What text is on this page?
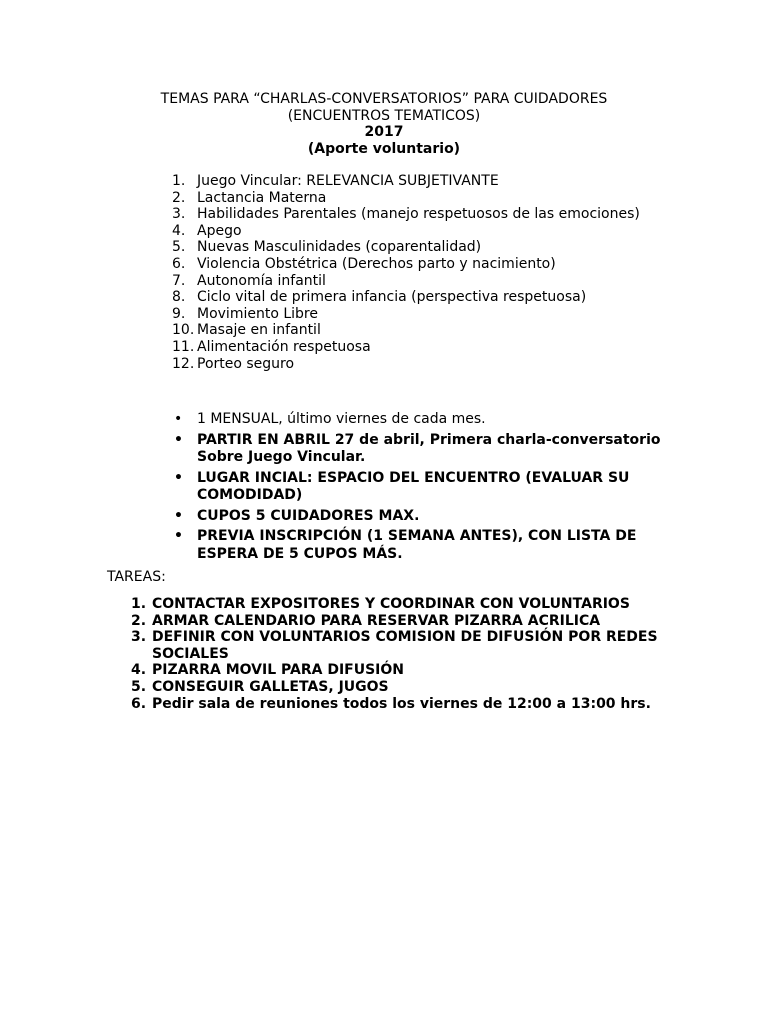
TEMAS PARA “CHARLAS-CONVERSATORIOS” PARA CUIDADORES
(ENCUENTROS TEMATICOS)
2017
(Aporte voluntario)
1. Juego Vincular: RELEVANCIA SUBJETIVANTE
2. Lactancia Materna
3. Habilidades Parentales (manejo respetuosos de las emociones)
4. Apego
5. Nuevas Masculinidades (coparentalidad)
6. Violencia Obstétrica (Derechos parto y nacimiento)
7. Autonomía infantil
8. Ciclo vital de primera infancia (perspectiva respetuosa)
9. Movimiento Libre
10. Masaje en infantil
11. Alimentación respetuosa
12. Porteo seguro
• 1 MENSUAL, último viernes de cada mes.
• PARTIR EN ABRIL 27 de abril, Primera charla-conversatorio Sobre Juego Vincular.
• LUGAR INCIAL: ESPACIO DEL ENCUENTRO (EVALUAR SU COMODIDAD)
• CUPOS 5 CUIDADORES MAX.
• PREVIA INSCRIPCIÓN (1 SEMANA ANTES), CON LISTA DE ESPERA DE 5 CUPOS MÁS.
TAREAS:
1. CONTACTAR EXPOSITORES Y COORDINAR CON VOLUNTARIOS
2. ARMAR CALENDARIO PARA RESERVAR PIZARRA ACRILICA
3. DEFINIR CON VOLUNTARIOS COMISION DE DIFUSIÓN POR REDES SOCIALES
4. PIZARRA MOVIL PARA DIFUSIÓN
5. CONSEGUIR GALLETAS, JUGOS
6. Pedir sala de reuniones todos los viernes de 12:00 a 13:00 hrs.
